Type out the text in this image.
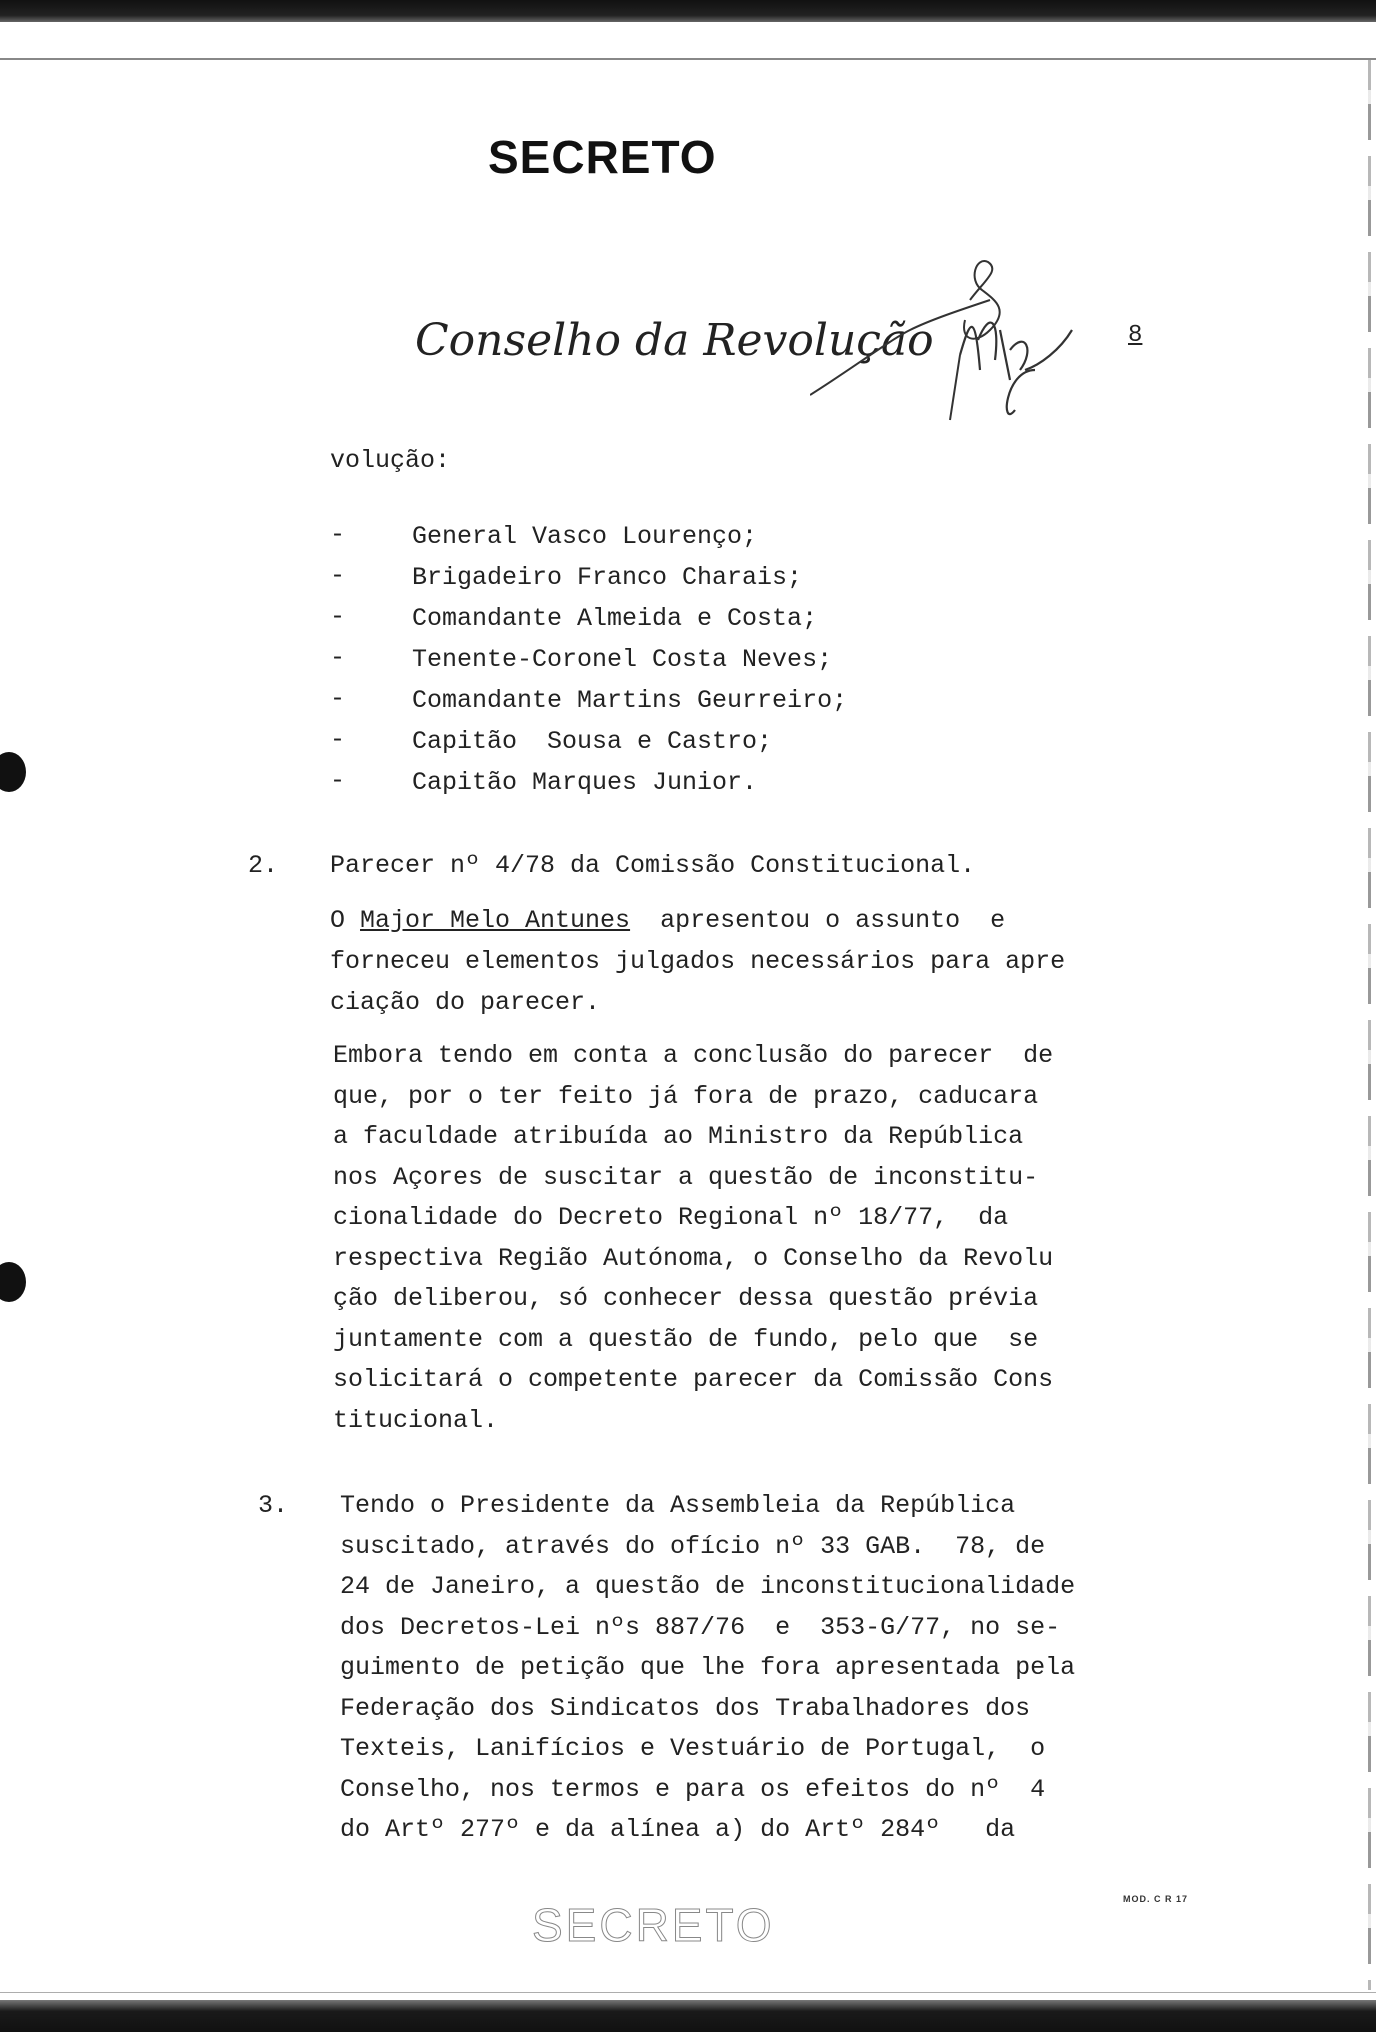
SECRETO
Conselho da Revolução	8
volução:
-	General Vasco Lourenço;
-	Brigadeiro Franco Charais;
-	Comandante Almeida e Costa;
-	Tenente-Coronel Costa Neves;
-	Comandante Martins Geurreiro;
-	Capitão  Sousa e Castro;
-	Capitão Marques Junior.
2. Parecer nº 4/78 da Comissão Constitucional.
O Major Melo Antunes  apresentou o assunto  e
forneceu elementos julgados necessários para apre
ciação do parecer.
Embora tendo em conta a conclusão do parecer  de
que, por o ter feito já fora de prazo, caducara
a faculdade atribuída ao Ministro da República
nos Açores de suscitar a questão de inconstitu-
cionalidade do Decreto Regional nº 18/77,  da
respectiva Região Autónoma, o Conselho da Revolu
ção deliberou, só conhecer dessa questão prévia
juntamente com a questão de fundo, pelo que  se
solicitará o competente parecer da Comissão Cons
titucional.
3. Tendo o Presidente da Assembleia da República
suscitado, através do ofício nº 33 GAB.  78, de
24 de Janeiro, a questão de inconstitucionalidade
dos Decretos-Lei nºs 887/76  e  353-G/77, no se-
guimento de petição que lhe fora apresentada pela
Federação dos Sindicatos dos Trabalhadores dos
Texteis, Lanifícios e Vestuário de Portugal,  o
Conselho, nos termos e para os efeitos do nº  4
do Artº 277º e da alínea a) do Artº 284º   da
SECRETO	MOD. C R 17
